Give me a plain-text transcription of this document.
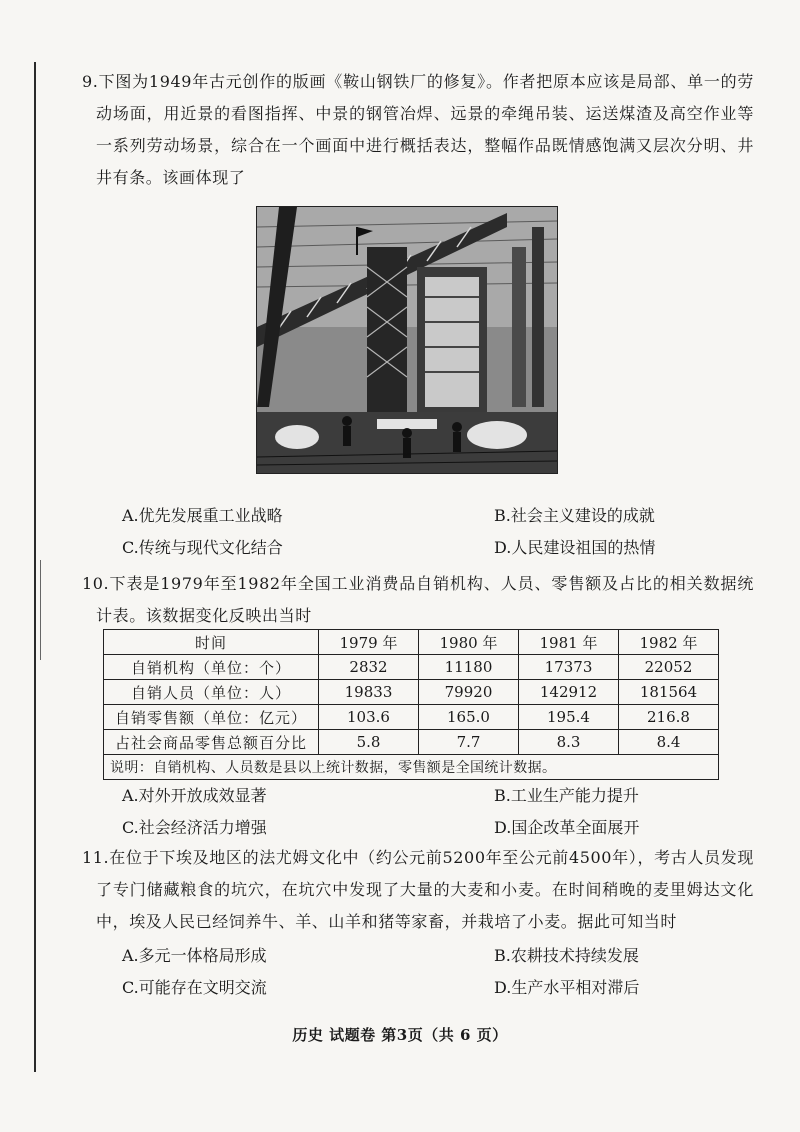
9.下图为1949年古元创作的版画《鞍山钢铁厂的修复》。作者把原本应该是局部、单一的劳动场面，用近景的看图指挥、中景的钢管冶焊、远景的牵绳吊装、运送煤渣及高空作业等一系列劳动场景，综合在一个画面中进行概括表达，整幅作品既情感饱满又层次分明、井井有条。该画体现了

A.优先发展重工业战略	B.社会主义建设的成就
C.传统与现代文化结合	D.人民建设祖国的热情

10.下表是1979年至1982年全国工业消费品自销机构、人员、零售额及占比的相关数据统计表。该数据变化反映出当时

时间	1979 年	1980 年	1981 年	1982 年
自销机构（单位：个）	2832	11180	17373	22052
自销人员（单位：人）	19833	79920	142912	181564
自销零售额（单位：亿元）	103.6	165.0	195.4	216.8
占社会商品零售总额百分比	5.8	7.7	8.3	8.4
说明：自销机构、人员数是县以上统计数据，零售额是全国统计数据。				
A.对外开放成效显著	B.工业生产能力提升
C.社会经济活力增强	D.国企改革全面展开

11.在位于下埃及地区的法尤姆文化中（约公元前5200年至公元前4500年），考古人员发现了专门储藏粮食的坑穴，在坑穴中发现了大量的大麦和小麦。在时间稍晚的麦里姆达文化中，埃及人民已经饲养牛、羊、山羊和猪等家畜，并栽培了小麦。据此可知当时

A.多元一体格局形成	B.农耕技术持续发展
C.可能存在文明交流	D.生产水平相对滞后
历史 试题卷 第3页（共 6 页）
